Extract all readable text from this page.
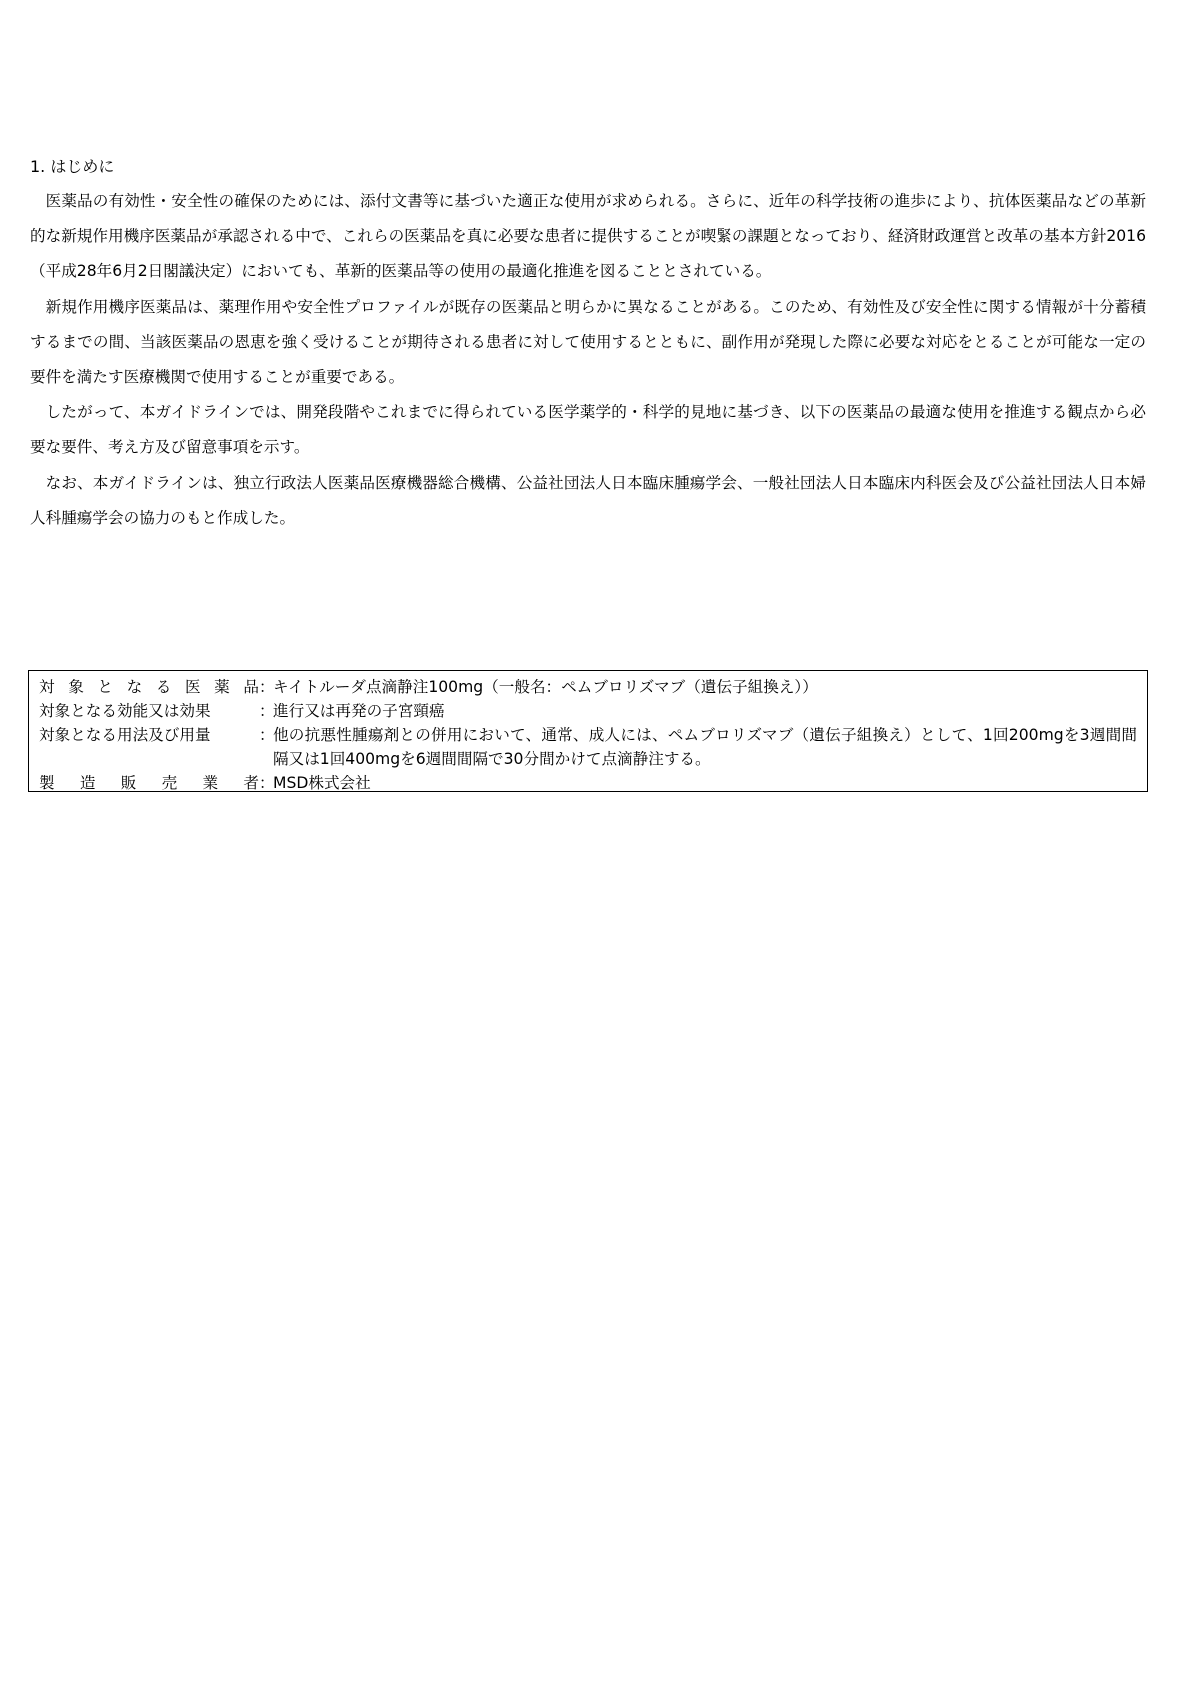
1. はじめに

医薬品の有効性・安全性の確保のためには、添付文書等に基づいた適正な使用が求められる。さらに、近年の科学技術の進歩により、抗体医薬品などの革新的な新規作用機序医薬品が承認される中で、これらの医薬品を真に必要な患者に提供することが喫緊の課題となっており、経済財政運営と改革の基本方針2016（平成28年6月2日閣議決定）においても、革新的医薬品等の使用の最適化推進を図ることとされている。

新規作用機序医薬品は、薬理作用や安全性プロファイルが既存の医薬品と明らかに異なることがある。このため、有効性及び安全性に関する情報が十分蓄積するまでの間、当該医薬品の恩恵を強く受けることが期待される患者に対して使用するとともに、副作用が発現した際に必要な対応をとることが可能な一定の要件を満たす医療機関で使用することが重要である。

したがって、本ガイドラインでは、開発段階やこれまでに得られている医学薬学的・科学的見地に基づき、以下の医薬品の最適な使用を推進する観点から必要な要件、考え方及び留意事項を示す。

なお、本ガイドラインは、独立行政法人医薬品医療機器総合機構、公益社団法人日本臨床腫瘍学会、一般社団法人日本臨床内科医会及び公益社団法人日本婦人科腫瘍学会の協力のもと作成した。

対 象 と な る 医 薬 品 ：
キイトルーダ点滴静注100mg（一般名：ペムブロリズマブ（遺伝子組換え））
対象となる効能又は効果	：
進行又は再発の子宮頸癌
対象となる用法及び用量	：
他の抗悪性腫瘍剤との併用において、通常、成人には、ペムブロリズマブ（遺伝子組換え）として、1回200mgを3週間間隔又は1回400mgを6週間間隔で30分間かけて点滴静注する。
製 造 販 売 業 者 ：
MSD株式会社
